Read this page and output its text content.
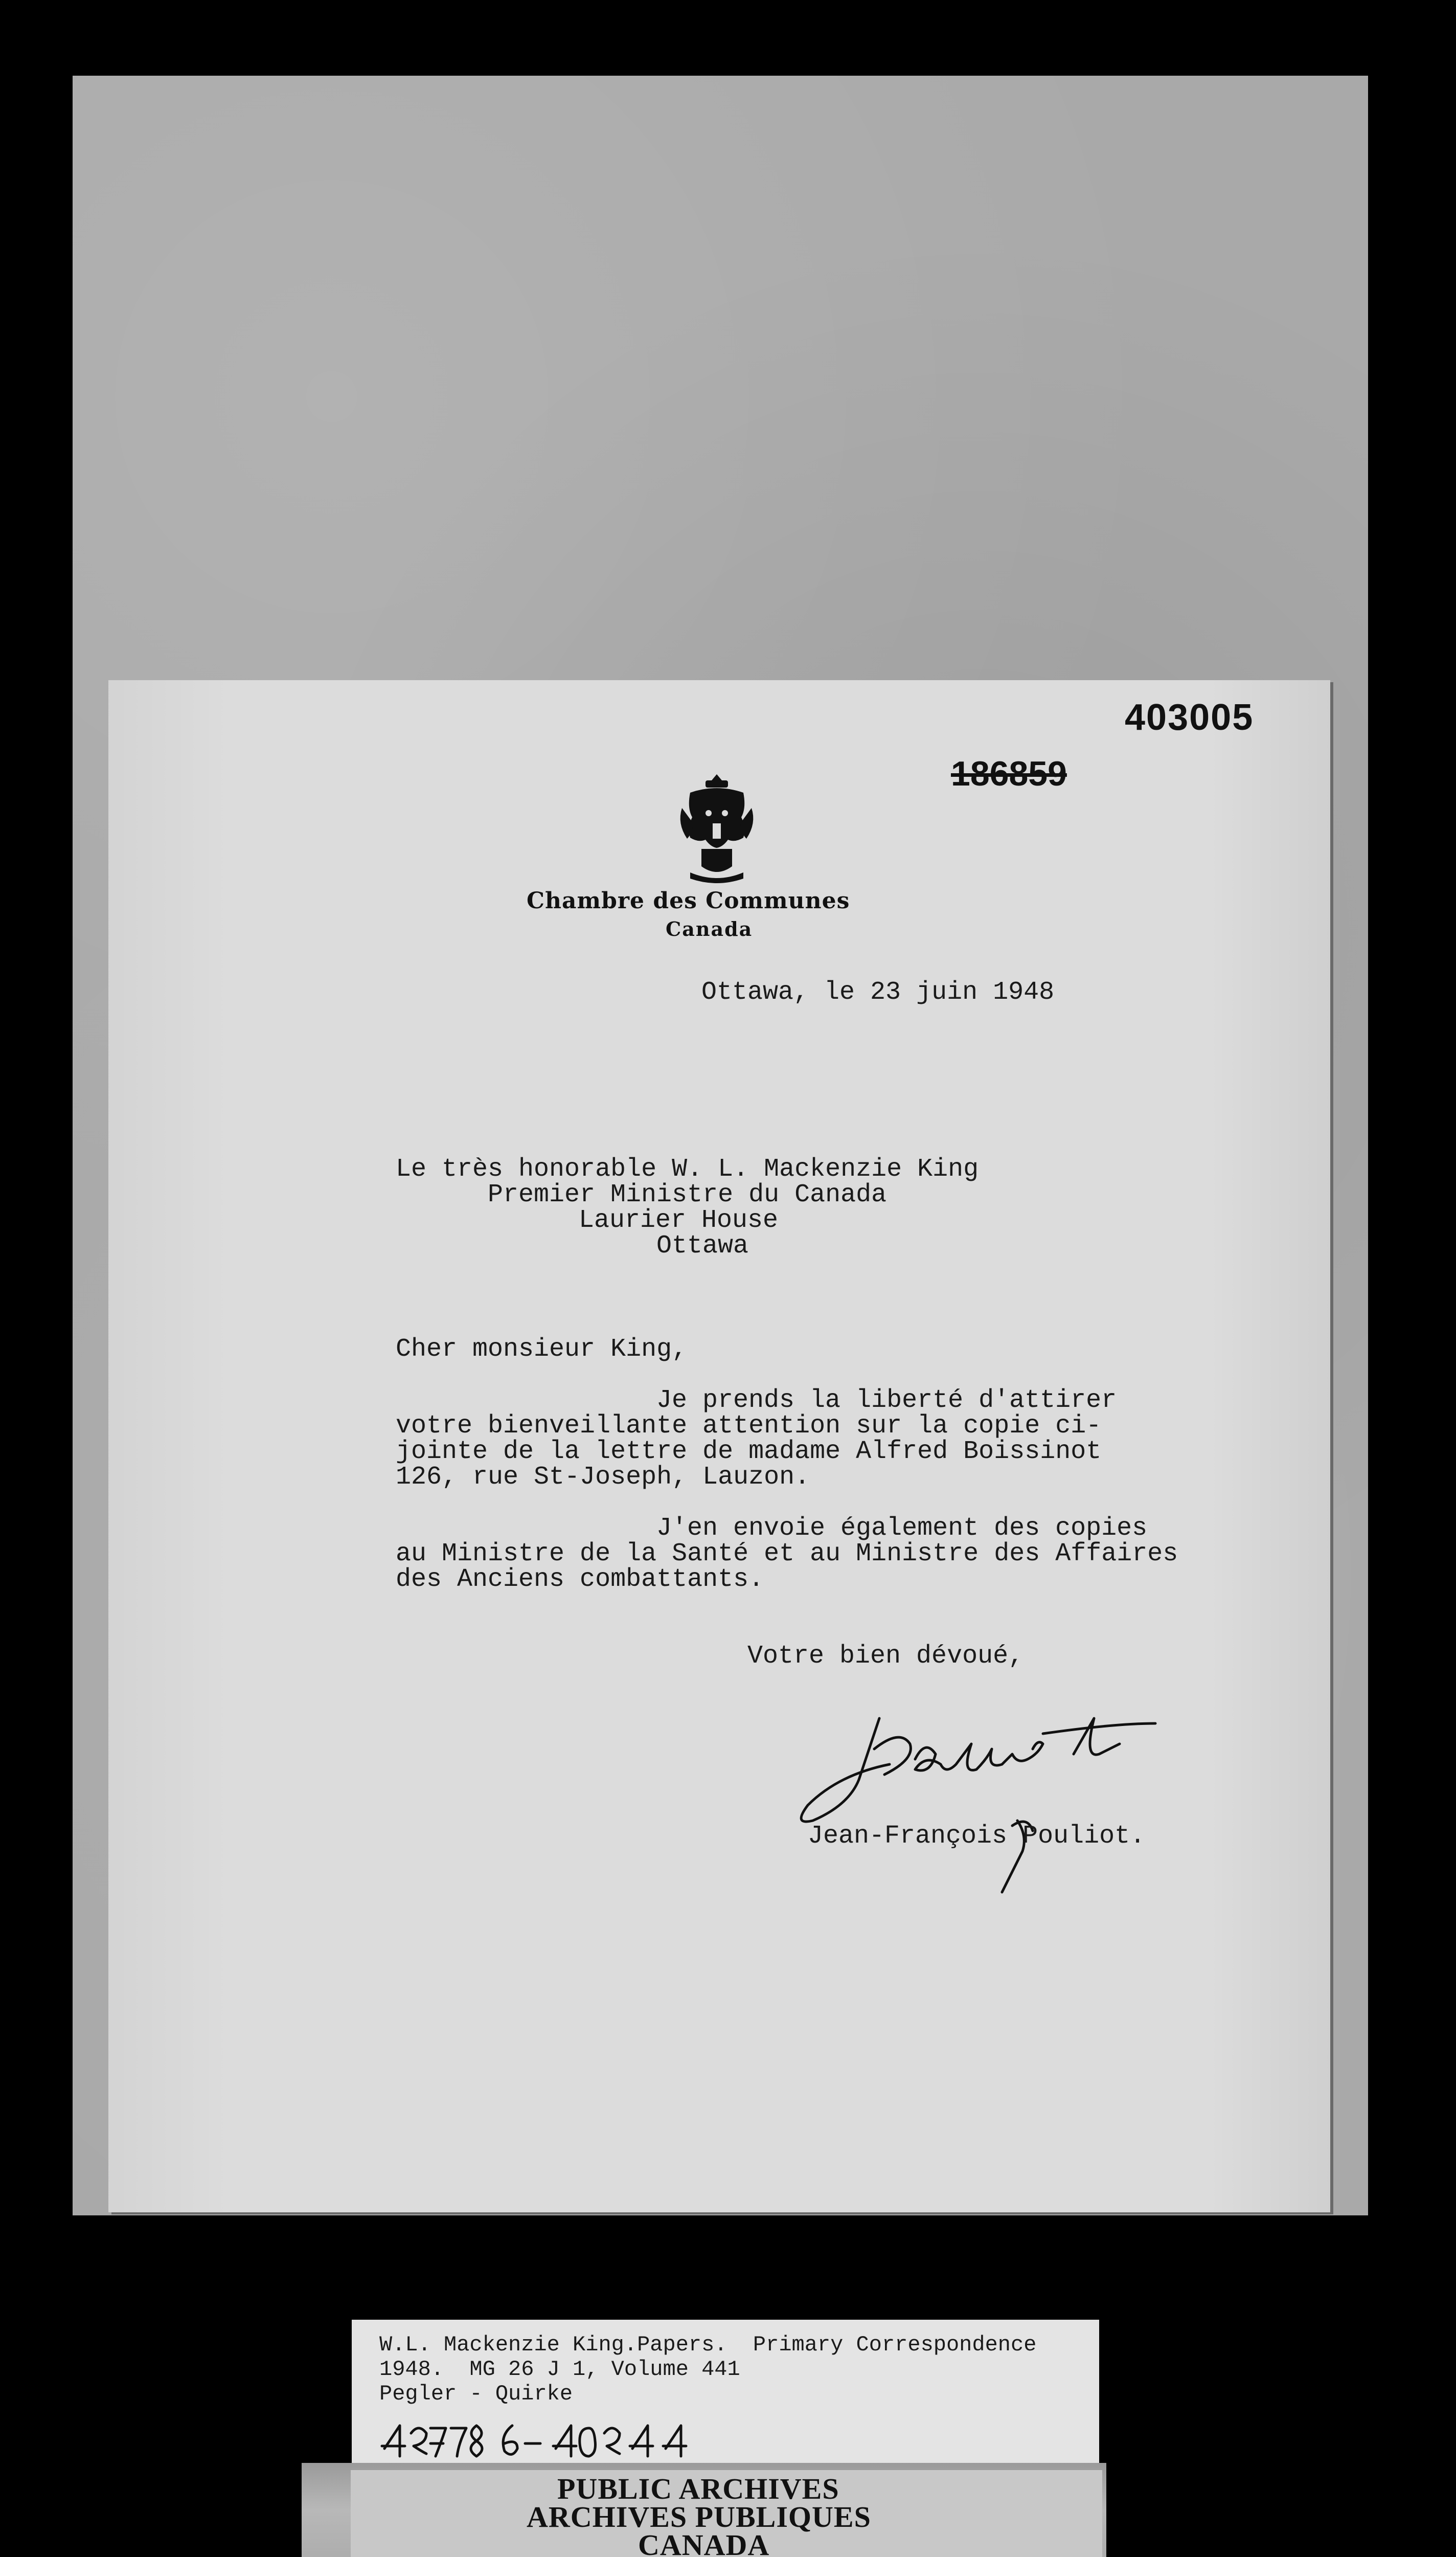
403005
186859
Chambre des Communes
Canada
Ottawa, le 23 juin 1948
Le très honorable W. L. Mackenzie King
Premier Ministre du Canada
Laurier House
Ottawa
Cher monsieur King,
Je prends la liberté d'attirer
votre bienveillante attention sur la copie ci-
jointe de la lettre de madame Alfred Boissinot
126, rue St-Joseph, Lauzon.
J'en envoie également des copies
au Ministre de la Santé et au Ministre des Affaires
des Anciens combattants.
Votre bien dévoué,
Jean-François Pouliot.
W.L. Mackenzie King.Papers.  Primary Correspondence
1948.  MG 26 J 1, Volume 441
Pegler - Quirke
PUBLIC ARCHIVES
ARCHIVES PUBLIQUES
CANADA
